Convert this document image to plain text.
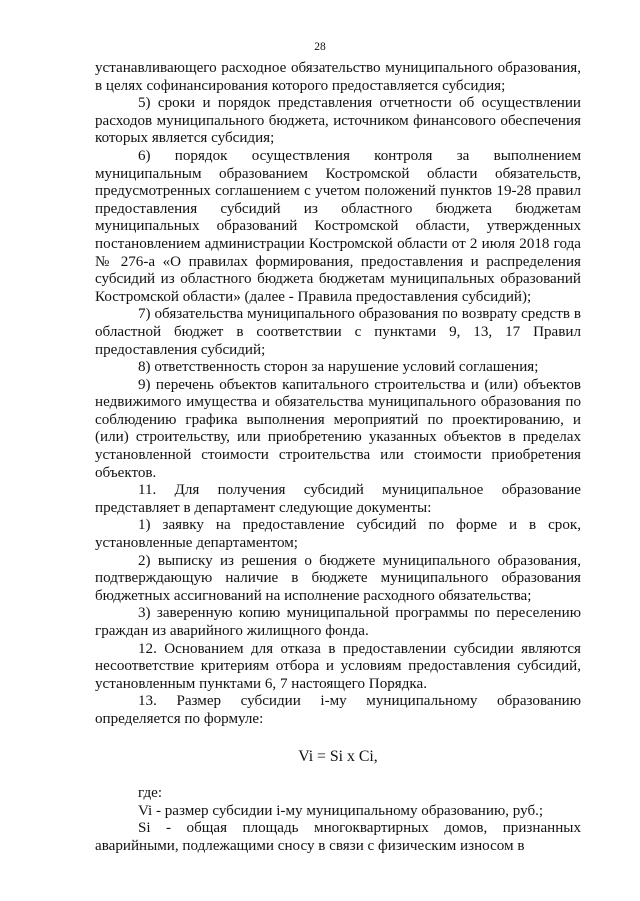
28

устанавливающего расходное обязательство муниципального образования, в целях софинансирования которого предоставляется субсидия;

5) сроки и порядок представления отчетности об осуществлении расходов муниципального бюджета, источником финансового обеспечения которых является субсидия;

6) порядок осуществления контроля за выполнением муниципальным образованием Костромской области обязательств, предусмотренных соглашением с учетом положений пунктов 19-28 правил предоставления субсидий из областного бюджета бюджетам муниципальных образований Костромской области, утвержденных постановлением администрации Костромской области от 2 июля 2018 года № 276-а «О правилах формирования, предоставления и распределения субсидий из областного бюджета бюджетам муниципальных образований Костромской области» (далее - Правила предоставления субсидий);

7) обязательства муниципального образования по возврату средств в областной бюджет в соответствии с пунктами 9, 13, 17 Правил предоставления субсидий;

8) ответственность сторон за нарушение условий соглашения;

9) перечень объектов капитального строительства и (или) объектов недвижимого имущества и обязательства муниципального образования по соблюдению графика выполнения мероприятий по проектированию, и (или) строительству, или приобретению указанных объектов в пределах установленной стоимости строительства или стоимости приобретения объектов.

11. Для получения субсидий муниципальное образование представляет в департамент следующие документы:

1) заявку на предоставление субсидий по форме и в срок, установленные департаментом;

2) выписку из решения о бюджете муниципального образования, подтверждающую наличие в бюджете муниципального образования бюджетных ассигнований на исполнение расходного обязательства;

3) заверенную копию муниципальной программы по переселению граждан из аварийного жилищного фонда.

12. Основанием для отказа в предоставлении субсидии являются несоответствие критериям отбора и условиям предоставления субсидий, установленным пунктами 6, 7 настоящего Порядка.

13. Размер субсидии i-му муниципальному образованию определяется по формуле:

Vi = Si x Ci,

где:

Vi - размер субсидии i-му муниципальному образованию, руб.;

Si - общая площадь многоквартирных домов, признанных аварийными, подлежащими сносу в связи с физическим износом в
